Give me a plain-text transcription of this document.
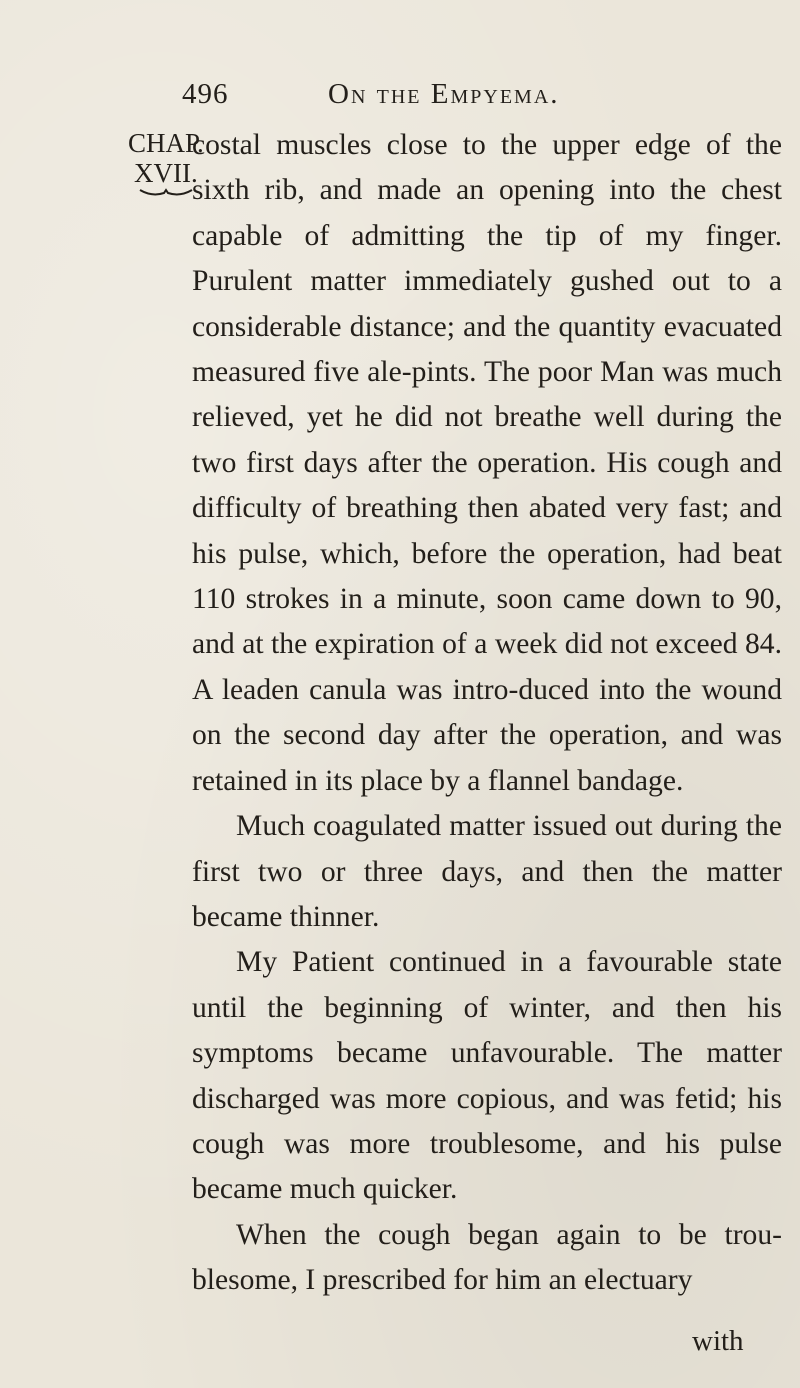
496	On the Empyema.
CHAP.
XVII.

costal muscles close to the upper edge of the sixth rib, and made an opening into the chest capable of admitting the tip of my finger. Purulent matter immediately gushed out to a considerable distance; and the quantity evacuated measured five ale-pints. The poor Man was much relieved, yet he did not breathe well during the two first days after the operation. His cough and difficulty of breathing then abated very fast; and his pulse, which, before the operation, had beat 110 strokes in a minute, soon came down to 90, and at the expiration of a week did not exceed 84. A leaden canula was intro-duced into the wound on the second day after the operation, and was retained in its place by a flannel bandage.

Much coagulated matter issued out during the first two or three days, and then the matter became thinner.

My Patient continued in a favourable state until the beginning of winter, and then his symptoms became unfavourable. The matter discharged was more copious, and was fetid; his cough was more troublesome, and his pulse became much quicker.

When the cough began again to be trou-blesome, I prescribed for him an electuary

with
